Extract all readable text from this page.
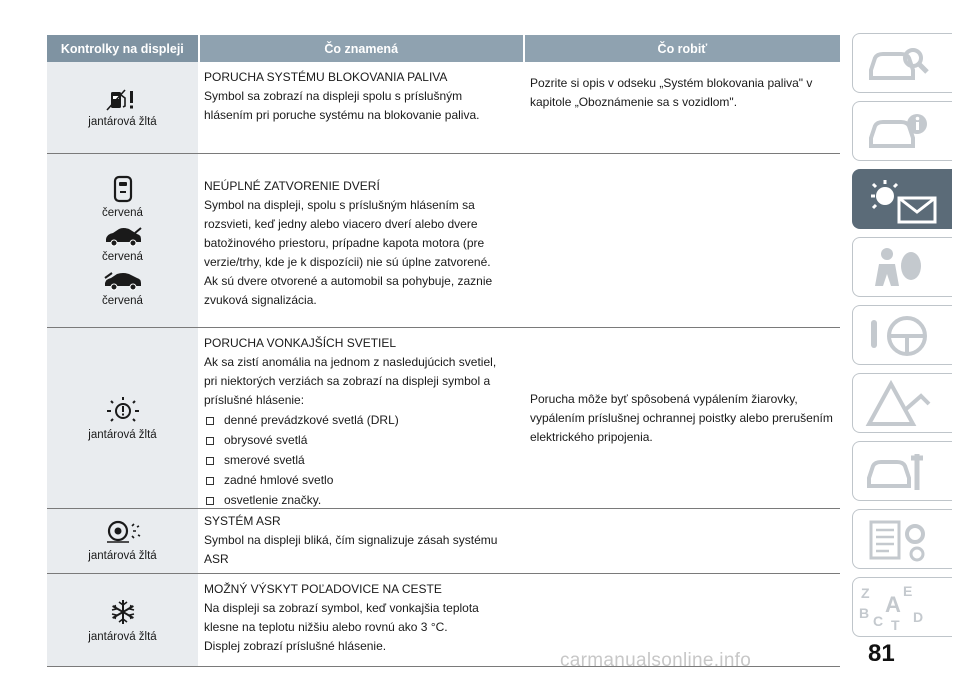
Kontrolky na displeji	Čo znamená	Čo robiť
jantárová žltá
PORUCHA SYSTÉMU BLOKOVANIA PALIVA
Symbol sa zobrazí na displeji spolu s príslušným
hlásením pri poruche systému na blokovanie paliva.
Pozrite si opis v odseku „Systém blokovania paliva" v
kapitole „Oboznámenie sa s vozidlom".
červená
červená
červená
NEÚPLNÉ ZATVORENIE DVERÍ
Symbol na displeji, spolu s príslušným hlásením sa
rozsvieti, keď jedny alebo viacero dverí alebo dvere
batožinového priestoru, prípadne kapota motora (pre
verzie/trhy, kde je k dispozícii) nie sú úplne zatvorené.
Ak sú dvere otvorené a automobil sa pohybuje, zaznie
zvuková signalizácia.
jantárová žltá
PORUCHA VONKAJŠÍCH SVETIEL
Ak sa zistí anomália na jednom z nasledujúcich svetiel,
pri niektorých verziách sa zobrazí na displeji symbol a
príslušné hlásenie:
denné prevádzkové svetlá (DRL)
obrysové svetlá
smerové svetlá
zadné hmlové svetlo
osvetlenie značky.
Porucha môže byť spôsobená vypálením žiarovky,
vypálením príslušnej ochrannej poistky alebo prerušením
elektrického pripojenia.
jantárová žltá
SYSTÉM ASR
Symbol na displeji bliká, čím signalizuje zásah systému
ASR
jantárová žltá
MOŽNÝ VÝSKYT POĽADOVICE NA CESTE
Na displeji sa zobrazí symbol, keď vonkajšia teplota
klesne na teplotu nižšiu alebo rovnú ako 3 °C.
Displej zobrazí príslušné hlásenie.
Z E
B A
C D
T
81
carmanualsonline.info
